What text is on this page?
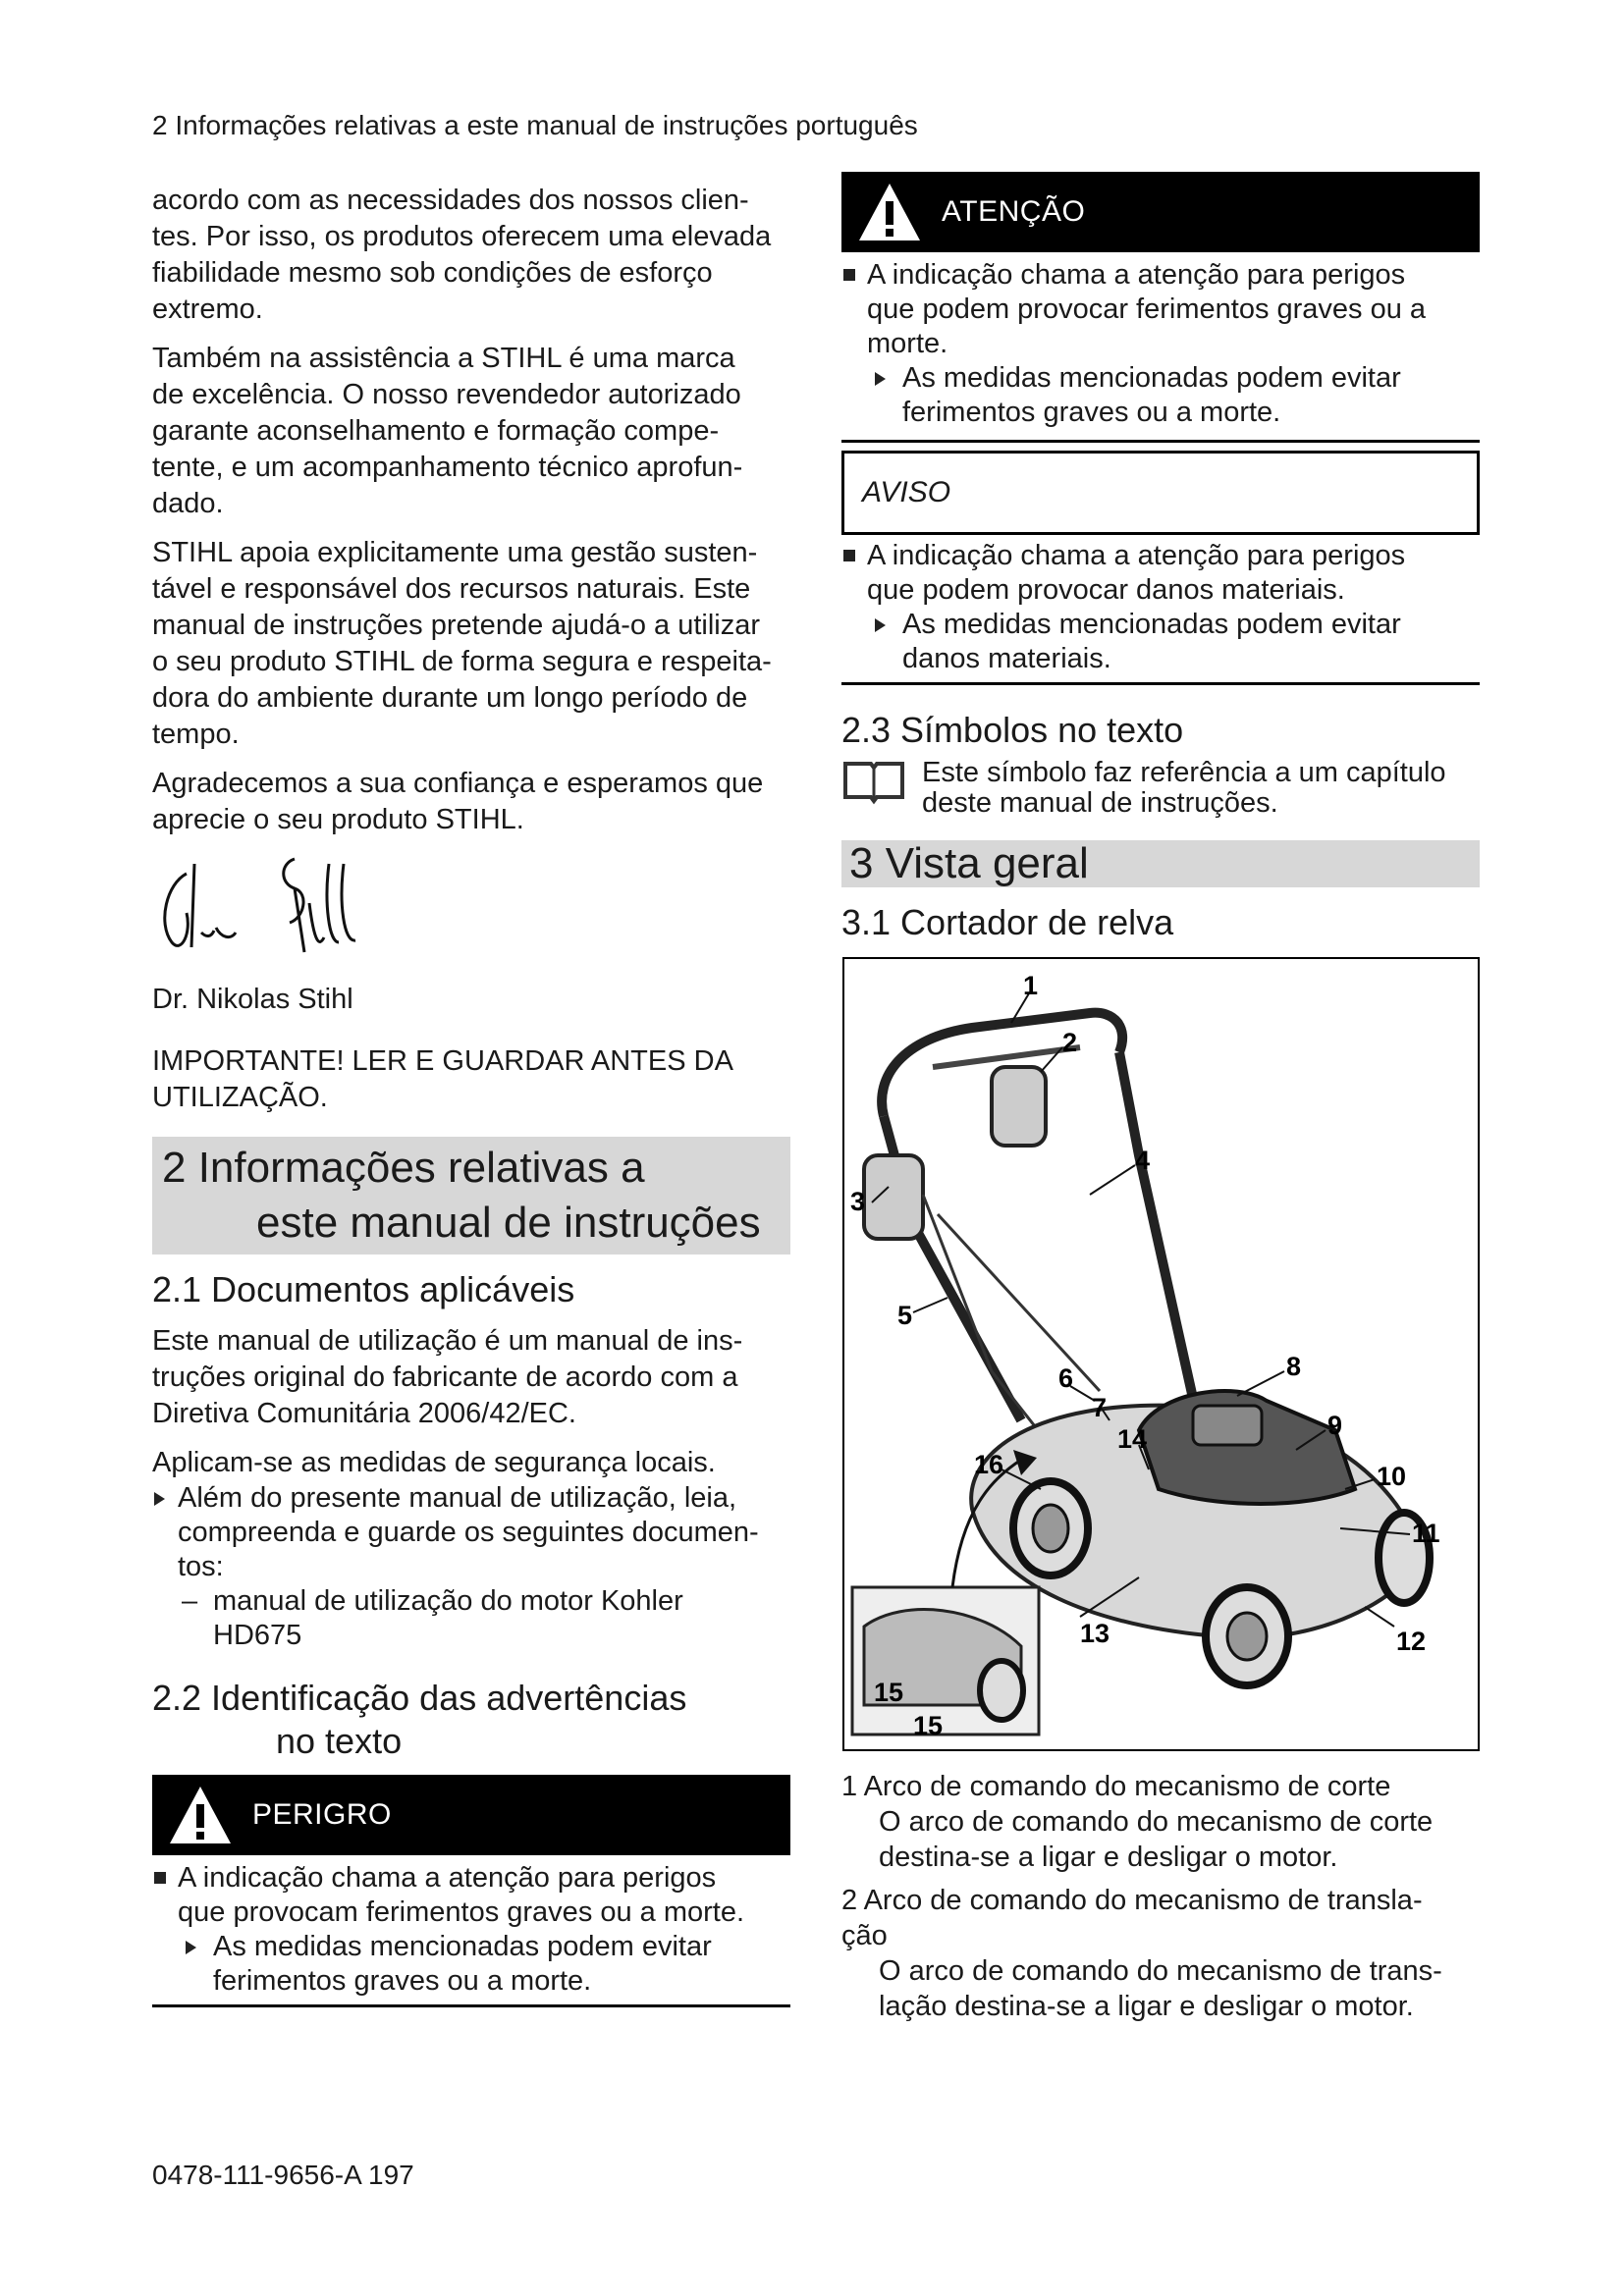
2 Informações relativas a este manual de instruções português

acordo com as necessidades dos nossos clien-
tes. Por isso, os produtos oferecem uma elevada
fiabilidade mesmo sob condições de esforço
extremo.

Também na assistência a STIHL é uma marca
de excelência. O nosso revendedor autorizado
garante aconselhamento e formação compe-
tente, e um acompanhamento técnico aprofun-
dado.

STIHL apoia explicitamente uma gestão susten-
tável e responsável dos recursos naturais. Este
manual de instruções pretende ajudá-o a utilizar
o seu produto STIHL de forma segura e respeita-
dora do ambiente durante um longo período de
tempo.

Agradecemos a sua confiança e esperamos que
aprecie o seu produto STIHL.

Dr. Nikolas Stihl

IMPORTANTE! LER E GUARDAR ANTES DA
UTILIZAÇÃO.

2 Informações relativas a
este manual de instruções
2.1 Documentos aplicáveis

Este manual de utilização é um manual de ins-
truções original do fabricante de acordo com a
Diretiva Comunitária 2006/42/EC.

Aplicam-se as medidas de segurança locais.

Além do presente manual de utilização, leia,
compreenda e guarde os seguintes documen-
tos:
– manual de utilização do motor Kohler
HD675
2.2 Identificação das advertências
no texto
PERIGRO
A indicação chama a atenção para perigos
que provocam ferimentos graves ou a morte.
As medidas mencionadas podem evitar
ferimentos graves ou a morte.
ATENÇÃO
A indicação chama a atenção para perigos
que podem provocar ferimentos graves ou a
morte.
As medidas mencionadas podem evitar
ferimentos graves ou a morte.
AVISO
A indicação chama a atenção para perigos
que podem provocar danos materiais.
As medidas mencionadas podem evitar
danos materiais.
2.3 Símbolos no texto

Este símbolo faz referência a um capítulo
deste manual de instruções.

3 Vista geral
3.1 Cortador de relva
1
2
3
4
5
6
7
8
9
10
11
12
13
14
15
16
15

1 Arco de comando do mecanismo de corte

O arco de comando do mecanismo de corte
destina-se a ligar e desligar o motor.

2 Arco de comando do mecanismo de transla-
ção

O arco de comando do mecanismo de trans-
lação destina-se a ligar e desligar o motor.

0478-111-9656-A 197
